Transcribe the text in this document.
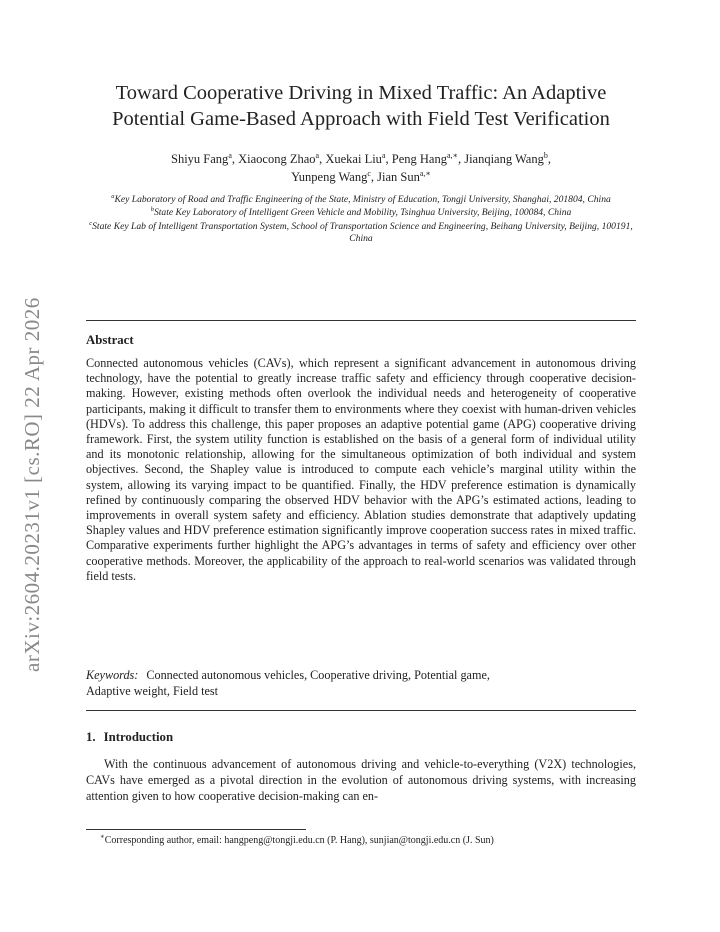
arXiv:2604.20231v1 [cs.RO] 22 Apr 2026
Toward Cooperative Driving in Mixed Traffic: An Adaptive
Potential Game-Based Approach with Field Test Verification
Shiyu Fang$^a$, Xiaocong Zhao$^a$, Xuekai Liu$^a$, Peng Hang$^{a,∗}$, Jianqiang Wang$^b$,
Yunpeng Wang$^c$, Jian Sun$^{a,∗}$
$^a$Key Laboratory of Road and Traffic Engineering of the State, Ministry of Education, Tongji University, Shanghai, 201804, China
$^b$State Key Laboratory of Intelligent Green Vehicle and Mobility, Tsinghua University, Beijing, 100084, China
$^c$State Key Lab of Intelligent Transportation System, School of Transportation Science and Engineering, Beihang University, Beijing, 100191, China
Abstract
Connected autonomous vehicles (CAVs), which represent a significant advancement in autonomous driving technology, have the potential to greatly increase traffic safety and efficiency through cooperative decision-making. However, existing methods often overlook the individual needs and heterogeneity of cooperative participants, making it difficult to transfer them to environments where they coexist with human-driven vehicles (HDVs). To address this challenge, this paper proposes an adaptive potential game (APG) cooperative driving framework. First, the system utility function is established on the basis of a general form of individual utility and its monotonic relationship, allowing for the simultaneous optimization of both individual and system objectives. Second, the Shapley value is introduced to compute each vehicle’s marginal utility within the system, allowing its varying impact to be quantified. Finally, the HDV preference estimation is dynamically refined by continuously comparing the observed HDV behavior with the APG’s estimated actions, leading to improvements in overall system safety and efficiency. Ablation studies demonstrate that adaptively updating Shapley values and HDV preference estimation significantly improve cooperation success rates in mixed traffic. Comparative experiments further highlight the APG’s advantages in terms of safety and efficiency over other cooperative methods. Moreover, the applicability of the approach to real-world scenarios was validated through field tests.
Keywords: Connected autonomous vehicles, Cooperative driving, Potential game,
Adaptive weight, Field test
1. Introduction
With the continuous advancement of autonomous driving and vehicle-to-everything (V2X) technologies, CAVs have emerged as a pivotal direction in the evolution of autonomous driving systems, with increasing attention given to how cooperative decision-making can en-
∗Corresponding author, email: hangpeng@tongji.edu.cn (P. Hang), sunjian@tongji.edu.cn (J. Sun)
